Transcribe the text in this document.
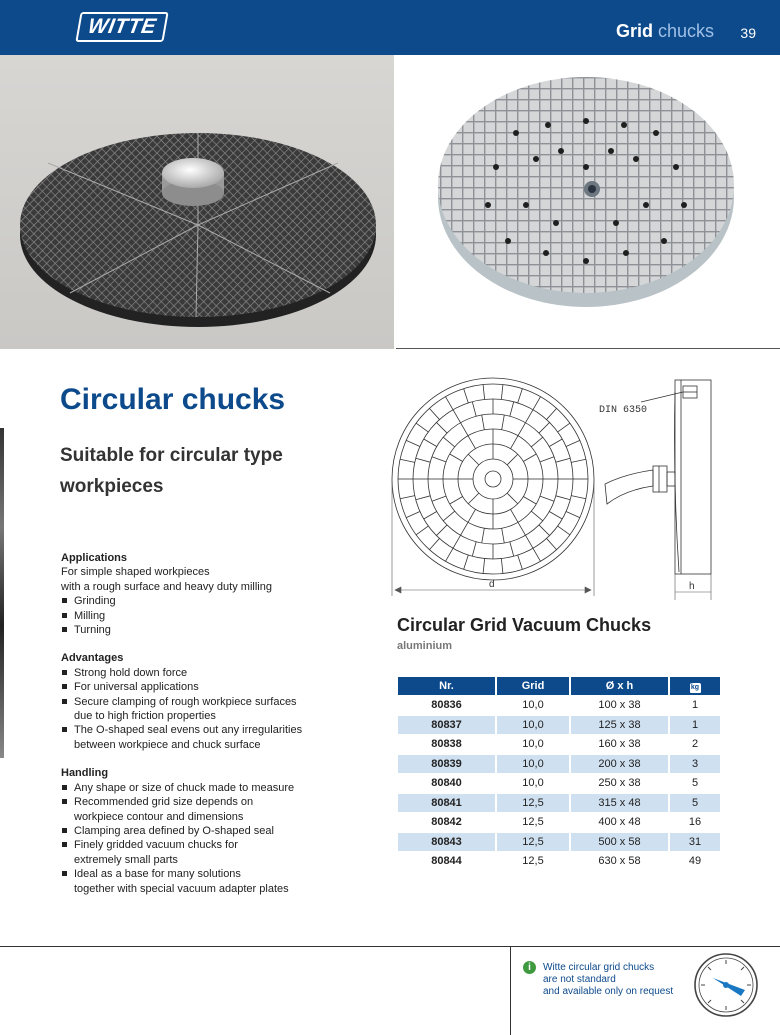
WITTE	Grid chucks 39
Circular chucks
Suitable for circular type workpieces
Applications
For simple shaped workpieces
with a rough surface and heavy duty milling
Grinding
Milling
Turning
Advantages
Strong hold down force
For universal applications
Secure clamping of rough workpiece surfaces
due to high friction properties
The O-shaped seal evens out any irregularities
between workpiece and chuck surface
Handling
Any shape or size of chuck made to measure
Recommended grid size depends on
workpiece contour and dimensions
Clamping area defined by O-shaped seal
Finely gridded vacuum chucks for
extremely small parts
Ideal as a base for many solutions
together with special vacuum adapter plates
d
DIN 6350
h
Circular Grid Vacuum Chucks
aluminium
Nr.	Grid	Ø x h	kg
80836	10,0	100 x 38	1
80837	10,0	125 x 38	1
80838	10,0	160 x 38	2
80839	10,0	200 x 38	3
80840	10,0	250 x 38	5
80841	12,5	315 x 48	5
80842	12,5	400 x 48	16
80843	12,5	500 x 58	31
80844	12,5	630 x 58	49
i	Witte circular grid chucks
are not standard
and available only on request
